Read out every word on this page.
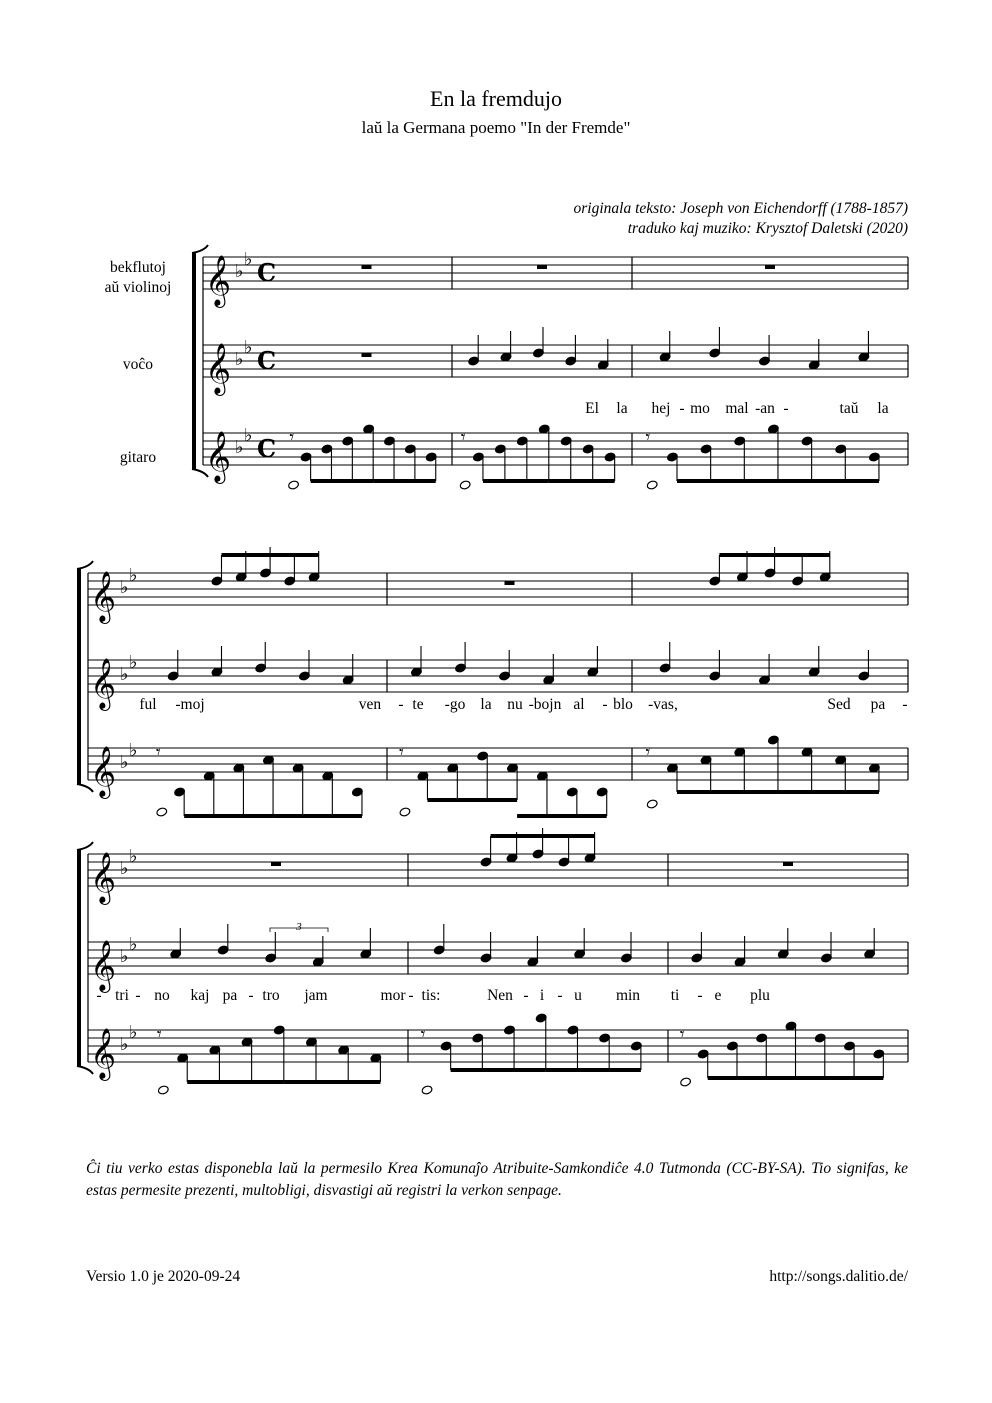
En la fremdujo
laŭ la Germana poemo "In der Fremde"
originala teksto: Joseph von Eichendorff (1788-1857)
traduko kaj muziko: Krysztof Daletski (2020)
bekflutoj
aŭ violinoj
voĉo
gitaro
𝄞 ♭
♭ C
𝄞 ♭
♭ C
𝄞 ♭
♭ C 𝄾	𝄾	𝄾
𝄞 ♭
♭
𝄞 ♭
♭
𝄞 ♭
♭ 𝄾	𝄾	𝄾
𝄞 ♭
♭
𝄞 ♭
♭
𝄞 ♭
♭ 𝄾	𝄾	𝄾
3
El la hej - mo mal -an -	taŭ la
ful -moj	ven - te -go la nu -bojn al - blo -vas,	Sed pa -
- tri - no kaj pa - tro jam	mor - tis:	Nen - i - u min ti - e plu
Ĉi tiu verko estas disponebla laŭ la permesilo Krea Komunaĵo Atribuite-Samkondiĉe 4.0 Tutmonda (CC-BY-SA). Tio signifas, ke estas permesite prezenti, multobligi, disvastigi aŭ registri la verkon senpage.
Versio 1.0 je 2020-09-24	http://songs.dalitio.de/
